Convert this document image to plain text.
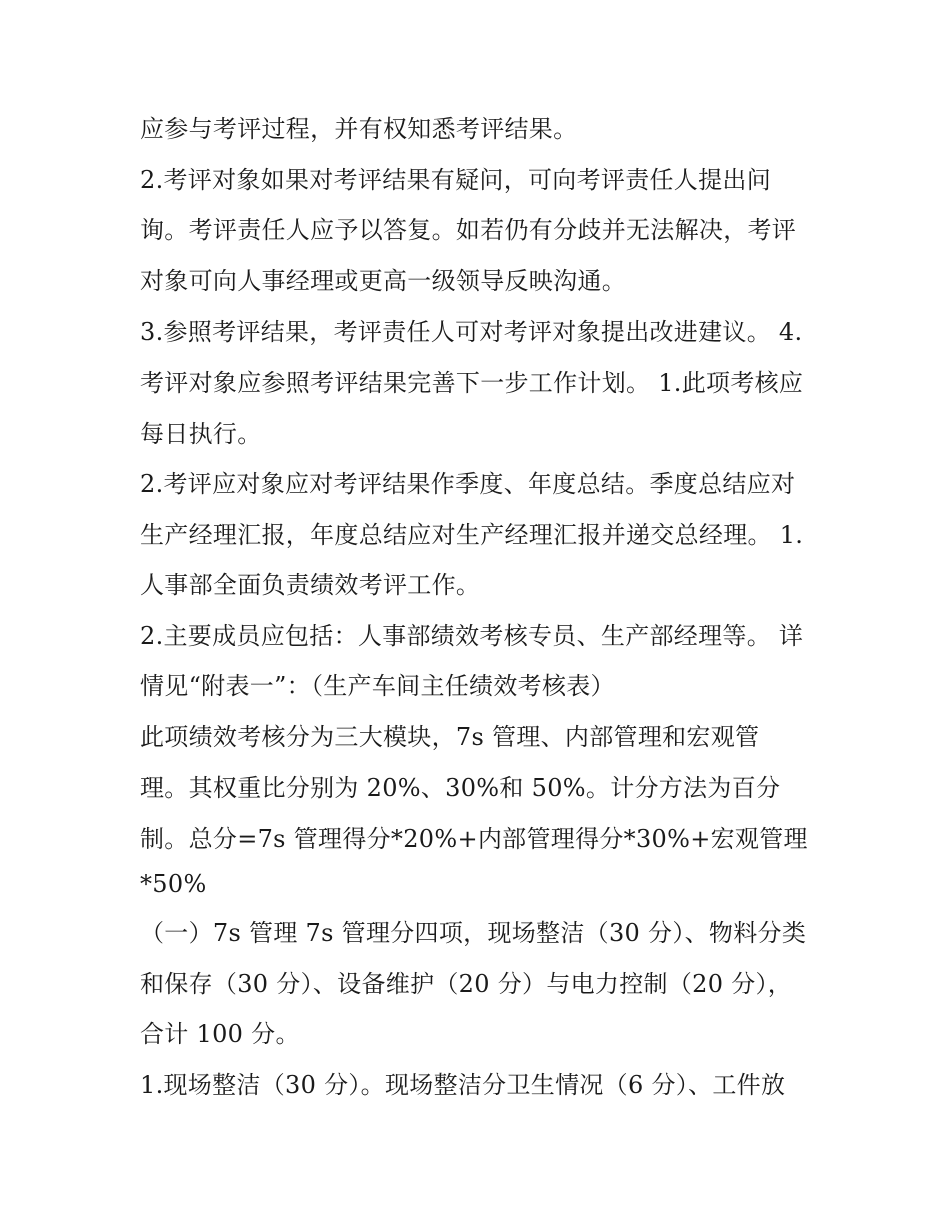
应参与考评过程，并有权知悉考评结果。
2.考评对象如果对考评结果有疑问，可向考评责任人提出问
询。考评责任人应予以答复。如若仍有分歧并无法解决，考评
对象可向人事经理或更高一级领导反映沟通。
3.参照考评结果，考评责任人可对考评对象提出改进建议。 4.
考评对象应参照考评结果完善下一步工作计划。 1.此项考核应
每日执行。
2.考评应对象应对考评结果作季度、年度总结。季度总结应对
生产经理汇报，年度总结应对生产经理汇报并递交总经理。 1.
人事部全面负责绩效考评工作。
2.主要成员应包括：人事部绩效考核专员、生产部经理等。 详
情见“附表一”：（生产车间主任绩效考核表）
此项绩效考核分为三大模块，7s 管理、内部管理和宏观管
理。其权重比分别为 20%、30%和 50%。计分方法为百分
制。总分=7s 管理得分*20%+内部管理得分*30%+宏观管理
*50%
（一）7s 管理 7s 管理分四项，现场整洁（30 分）、物料分类
和保存（30 分）、设备维护（20 分）与电力控制（20 分），
合计 100 分。
1.现场整洁（30 分）。现场整洁分卫生情况（6 分）、工件放
